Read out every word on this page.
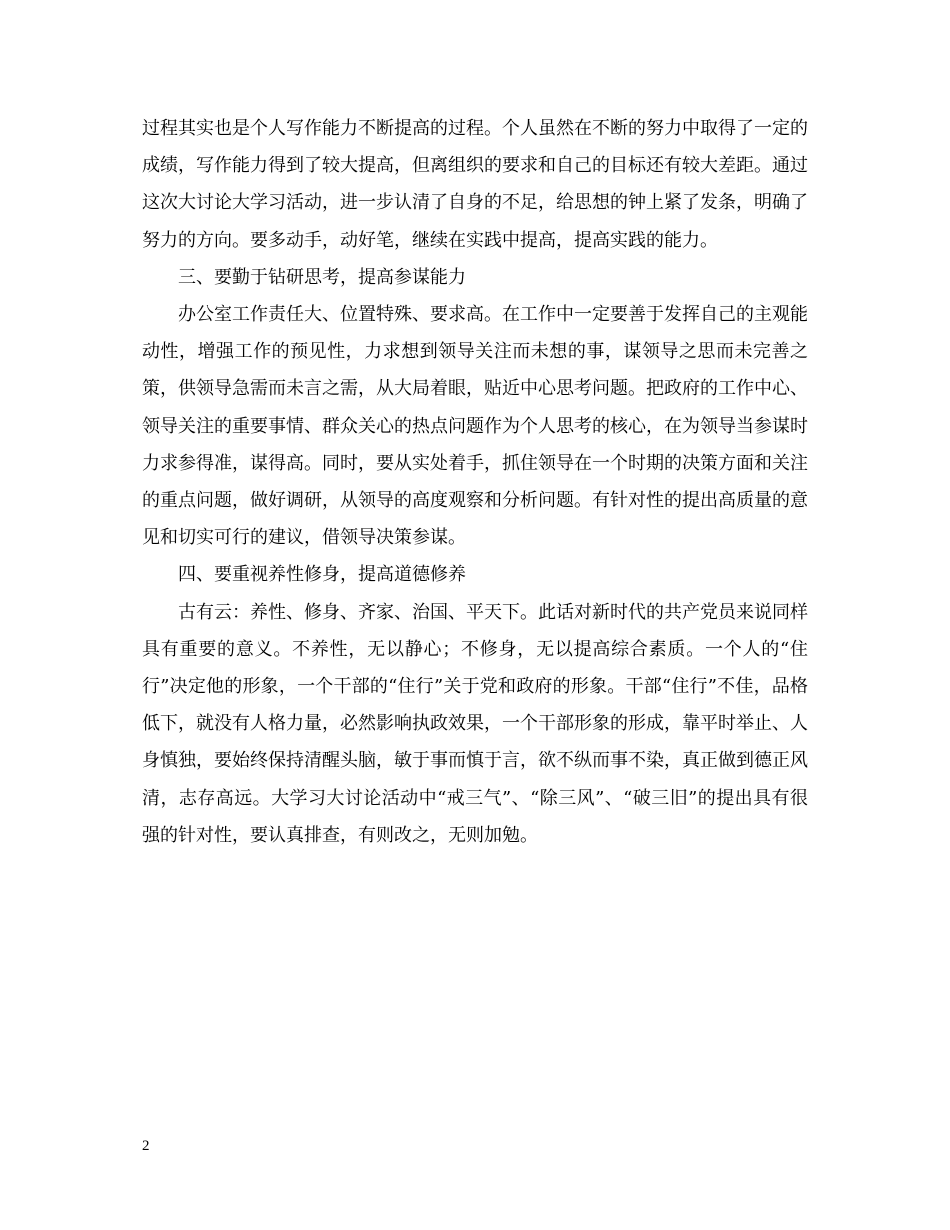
过程其实也是个人写作能力不断提高的过程。个人虽然在不断的努力中取得了一定的成绩，写作能力得到了较大提高，但离组织的要求和自己的目标还有较大差距。通过这次大讨论大学习活动，进一步认清了自身的不足，给思想的钟上紧了发条，明确了努力的方向。要多动手，动好笔，继续在实践中提高，提高实践的能力。

三、要勤于钻研思考，提高参谋能力

办公室工作责任大、位置特殊、要求高。在工作中一定要善于发挥自己的主观能动性，增强工作的预见性，力求想到领导关注而未想的事，谋领导之思而未完善之策，供领导急需而未言之需，从大局着眼，贴近中心思考问题。把政府的工作中心、领导关注的重要事情、群众关心的热点问题作为个人思考的核心，在为领导当参谋时力求参得准，谋得高。同时，要从实处着手，抓住领导在一个时期的决策方面和关注的重点问题，做好调研，从领导的高度观察和分析问题。有针对性的提出高质量的意见和切实可行的建议，借领导决策参谋。

四、要重视养性修身，提高道德修养

古有云：养性、修身、齐家、治国、平天下。此话对新时代的共产党员来说同样具有重要的意义。不养性，无以静心；不修身，无以提高综合素质。一个人的“住行”决定他的形象，一个干部的“住行”关于党和政府的形象。干部“住行”不佳，品格低下，就没有人格力量，必然影响执政效果，一个干部形象的形成，靠平时举止、人身慎独，要始终保持清醒头脑，敏于事而慎于言，欲不纵而事不染，真正做到德正风清，志存高远。大学习大讨论活动中“戒三气”、“除三风”、“破三旧”的提出具有很强的针对性，要认真排查，有则改之，无则加勉。

2
